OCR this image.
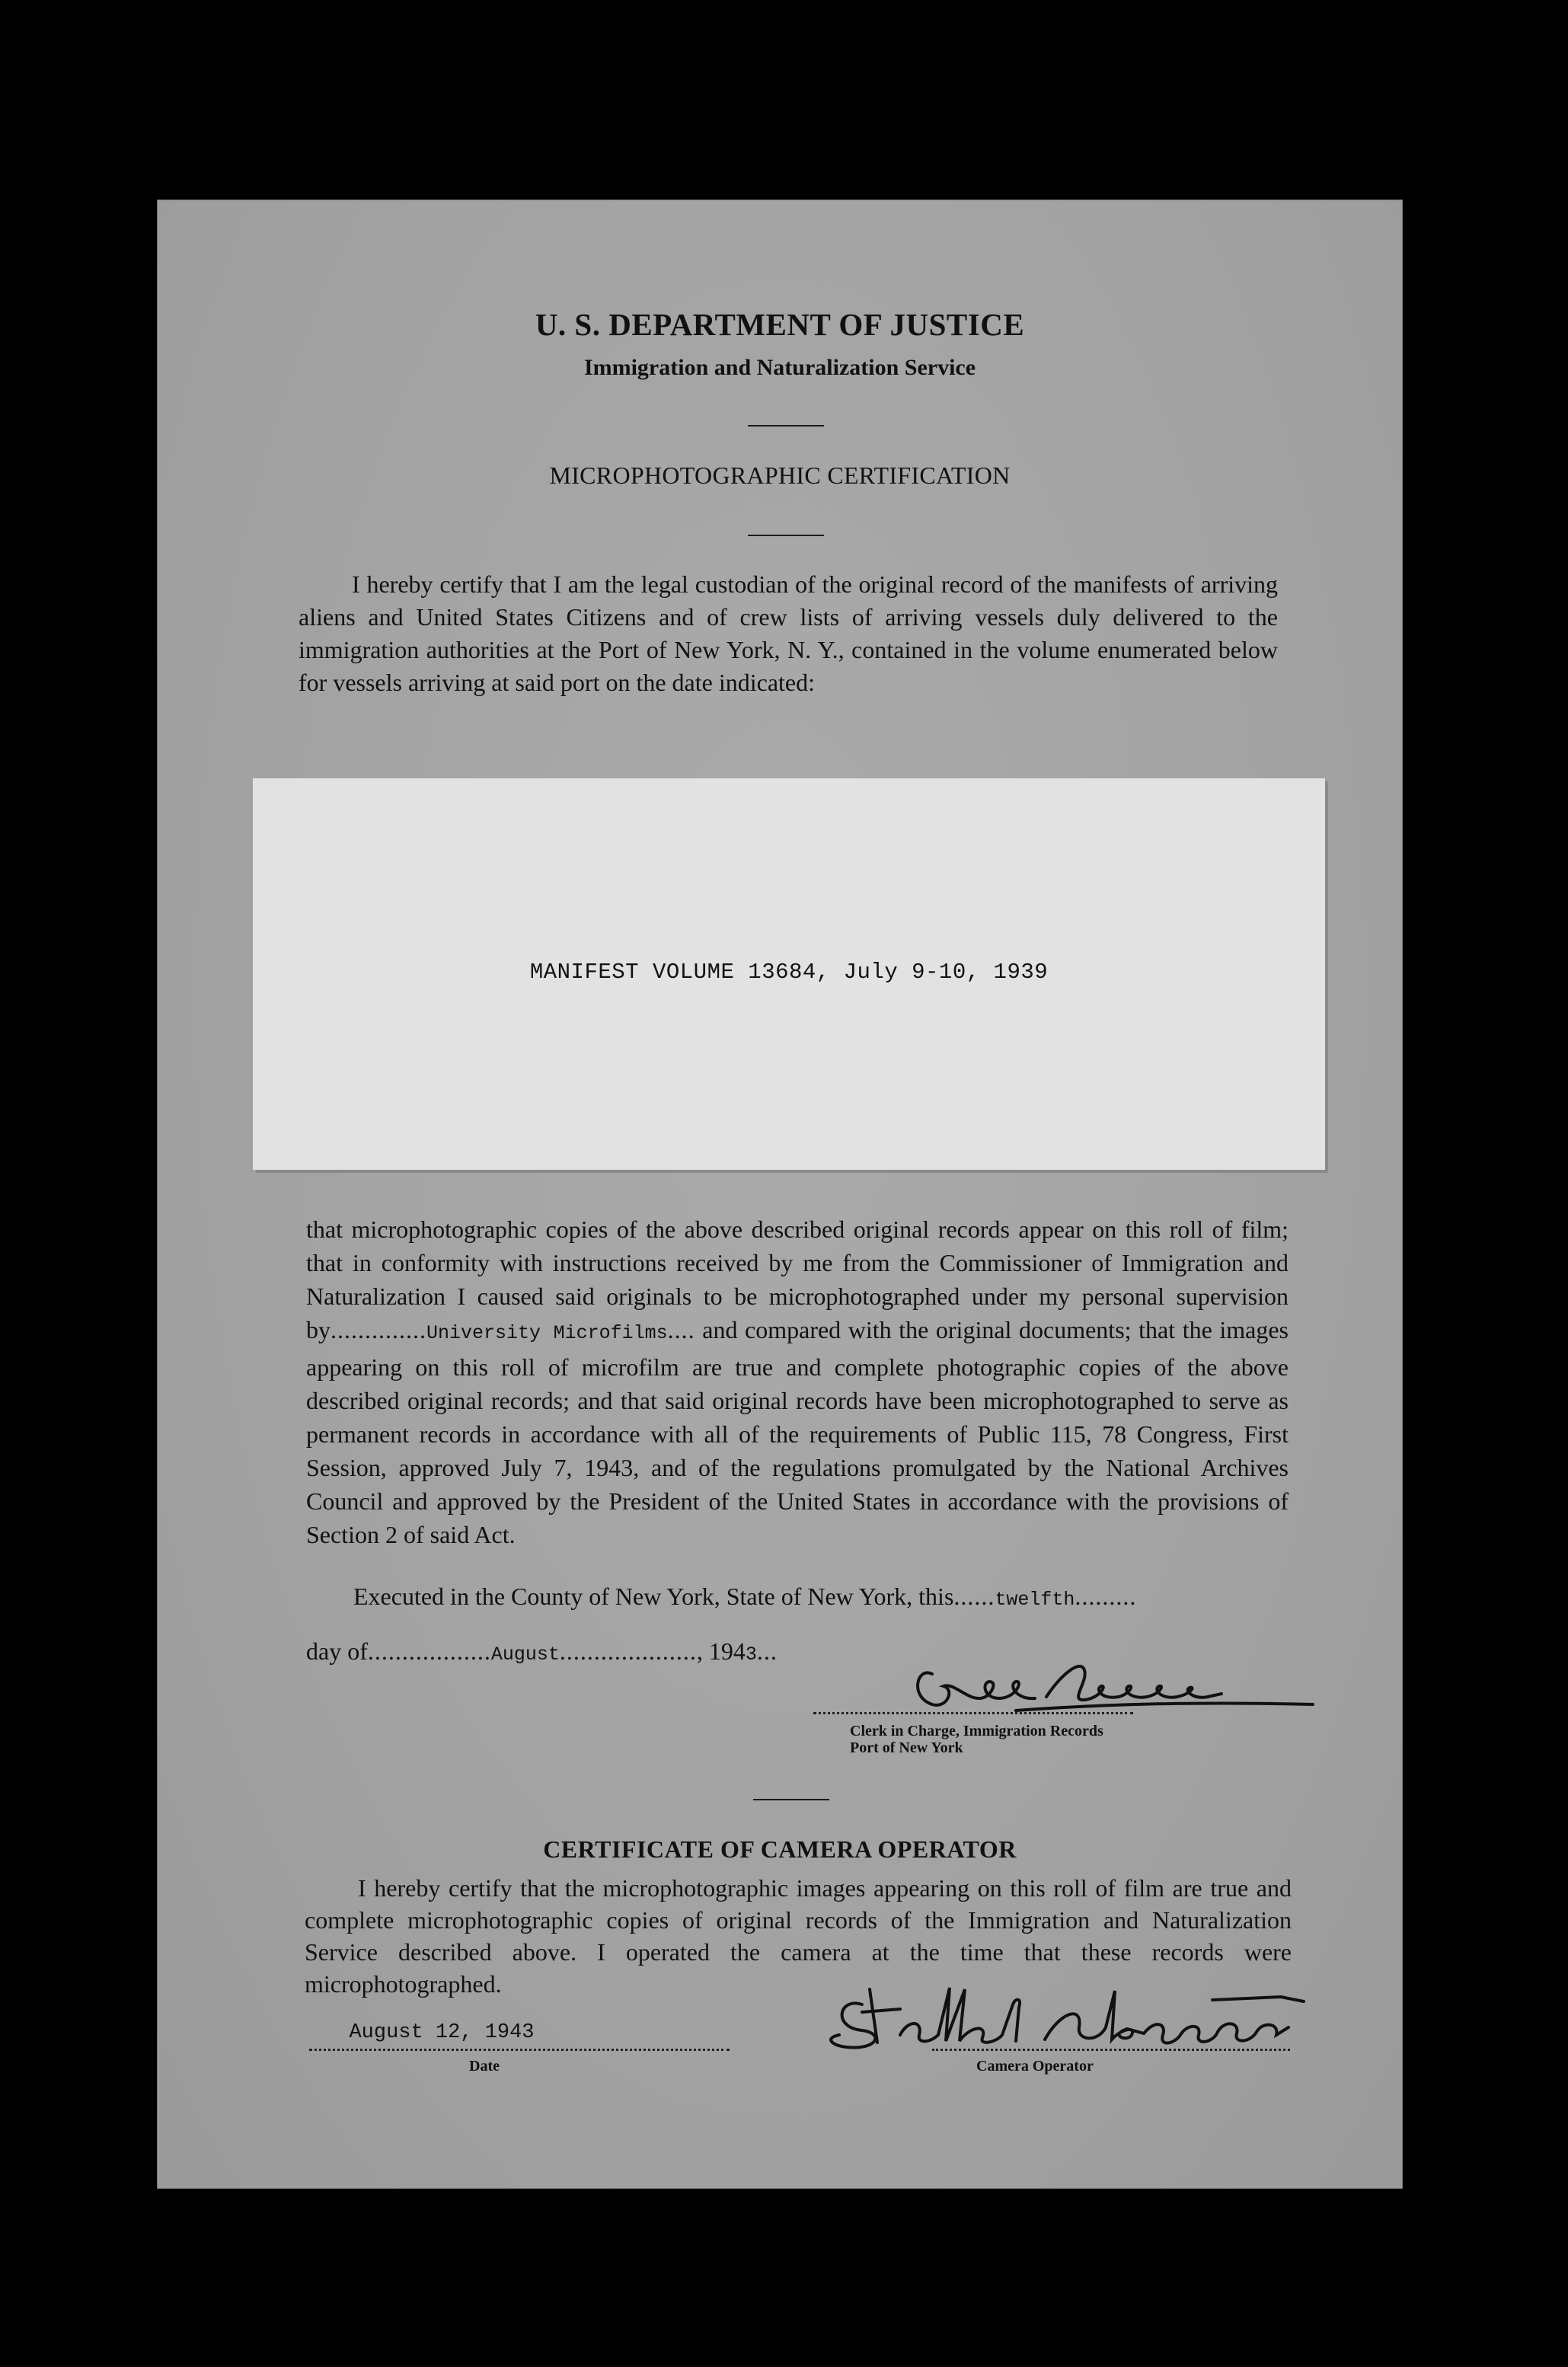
U. S. DEPARTMENT OF JUSTICE
Immigration and Naturalization Service
MICROPHOTOGRAPHIC CERTIFICATION
I hereby certify that I am the legal custodian of the original record of the manifests of arriving aliens and United States Citizens and of crew lists of arriving vessels duly delivered to the immigration authorities at the Port of New York, N. Y., contained in the volume enumerated below for vessels arriving at said port on the date indicated:
MANIFEST VOLUME 13684, July 9-10, 1939
that microphotographic copies of the above described original records appear on this roll of film; that in conformity with instructions received by me from the Commissioner of Immigration and Naturalization I caused said originals to be microphotographed under my personal supervision by..............University Microfilms.... and compared with the original documents; that the images appearing on this roll of microfilm are true and complete photographic copies of the above described original records; and that said original records have been microphotographed to serve as permanent records in accordance with all of the requirements of Public 115, 78 Congress, First Session, approved July 7, 1943, and of the regulations promulgated by the National Archives Council and approved by the President of the United States in accordance with the provisions of Section 2 of said Act.
Executed in the County of New York, State of New York, this......twelfth.........
day of..................August...................., 1943...
Clerk in Charge, Immigration Records
Port of New York
CERTIFICATE OF CAMERA OPERATOR
I hereby certify that the microphotographic images appearing on this roll of film are true and complete microphotographic copies of original records of the Immigration and Naturalization Service described above. I operated the camera at the time that these records were microphotographed.
August 12, 1943
Date	Camera Operator
